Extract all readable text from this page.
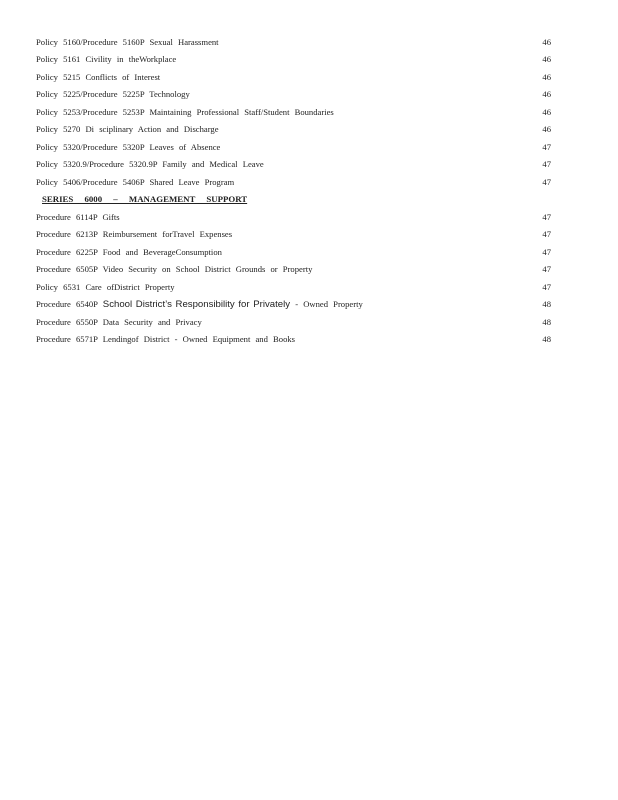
Policy 5160/Procedure 5160P Sexual Harassment	46
Policy 5161 Civility in theWorkplace	46
Policy 5215 Conflicts of Interest	46
Policy 5225/Procedure 5225P Technology	46
Policy 5253/Procedure 5253P Maintaining Professional Staff/Student Boundaries	46
Policy 5270 Di sciplinary Action and Discharge	46
Policy 5320/Procedure 5320P Leaves of Absence	47
Policy 5320.9/Procedure 5320.9P Family and Medical Leave	47
Policy 5406/Procedure 5406P Shared Leave Program	47
SERIES 6000 – MANAGEMENT SUPPORT
Procedure 6114P Gifts	47
Procedure 6213P Reimbursement forTravel Expenses	47
Procedure 6225P Food and BeverageConsumption	47
Procedure 6505P Video Security on School District Grounds or Property	47
Policy 6531 Care ofDistrict Property	47
Procedure 6540P School District’s Responsibility for Privately - Owned Property	48
Procedure 6550P Data Security and Privacy	48
Procedure 6571P Lendingof District - Owned Equipment and Books	48
